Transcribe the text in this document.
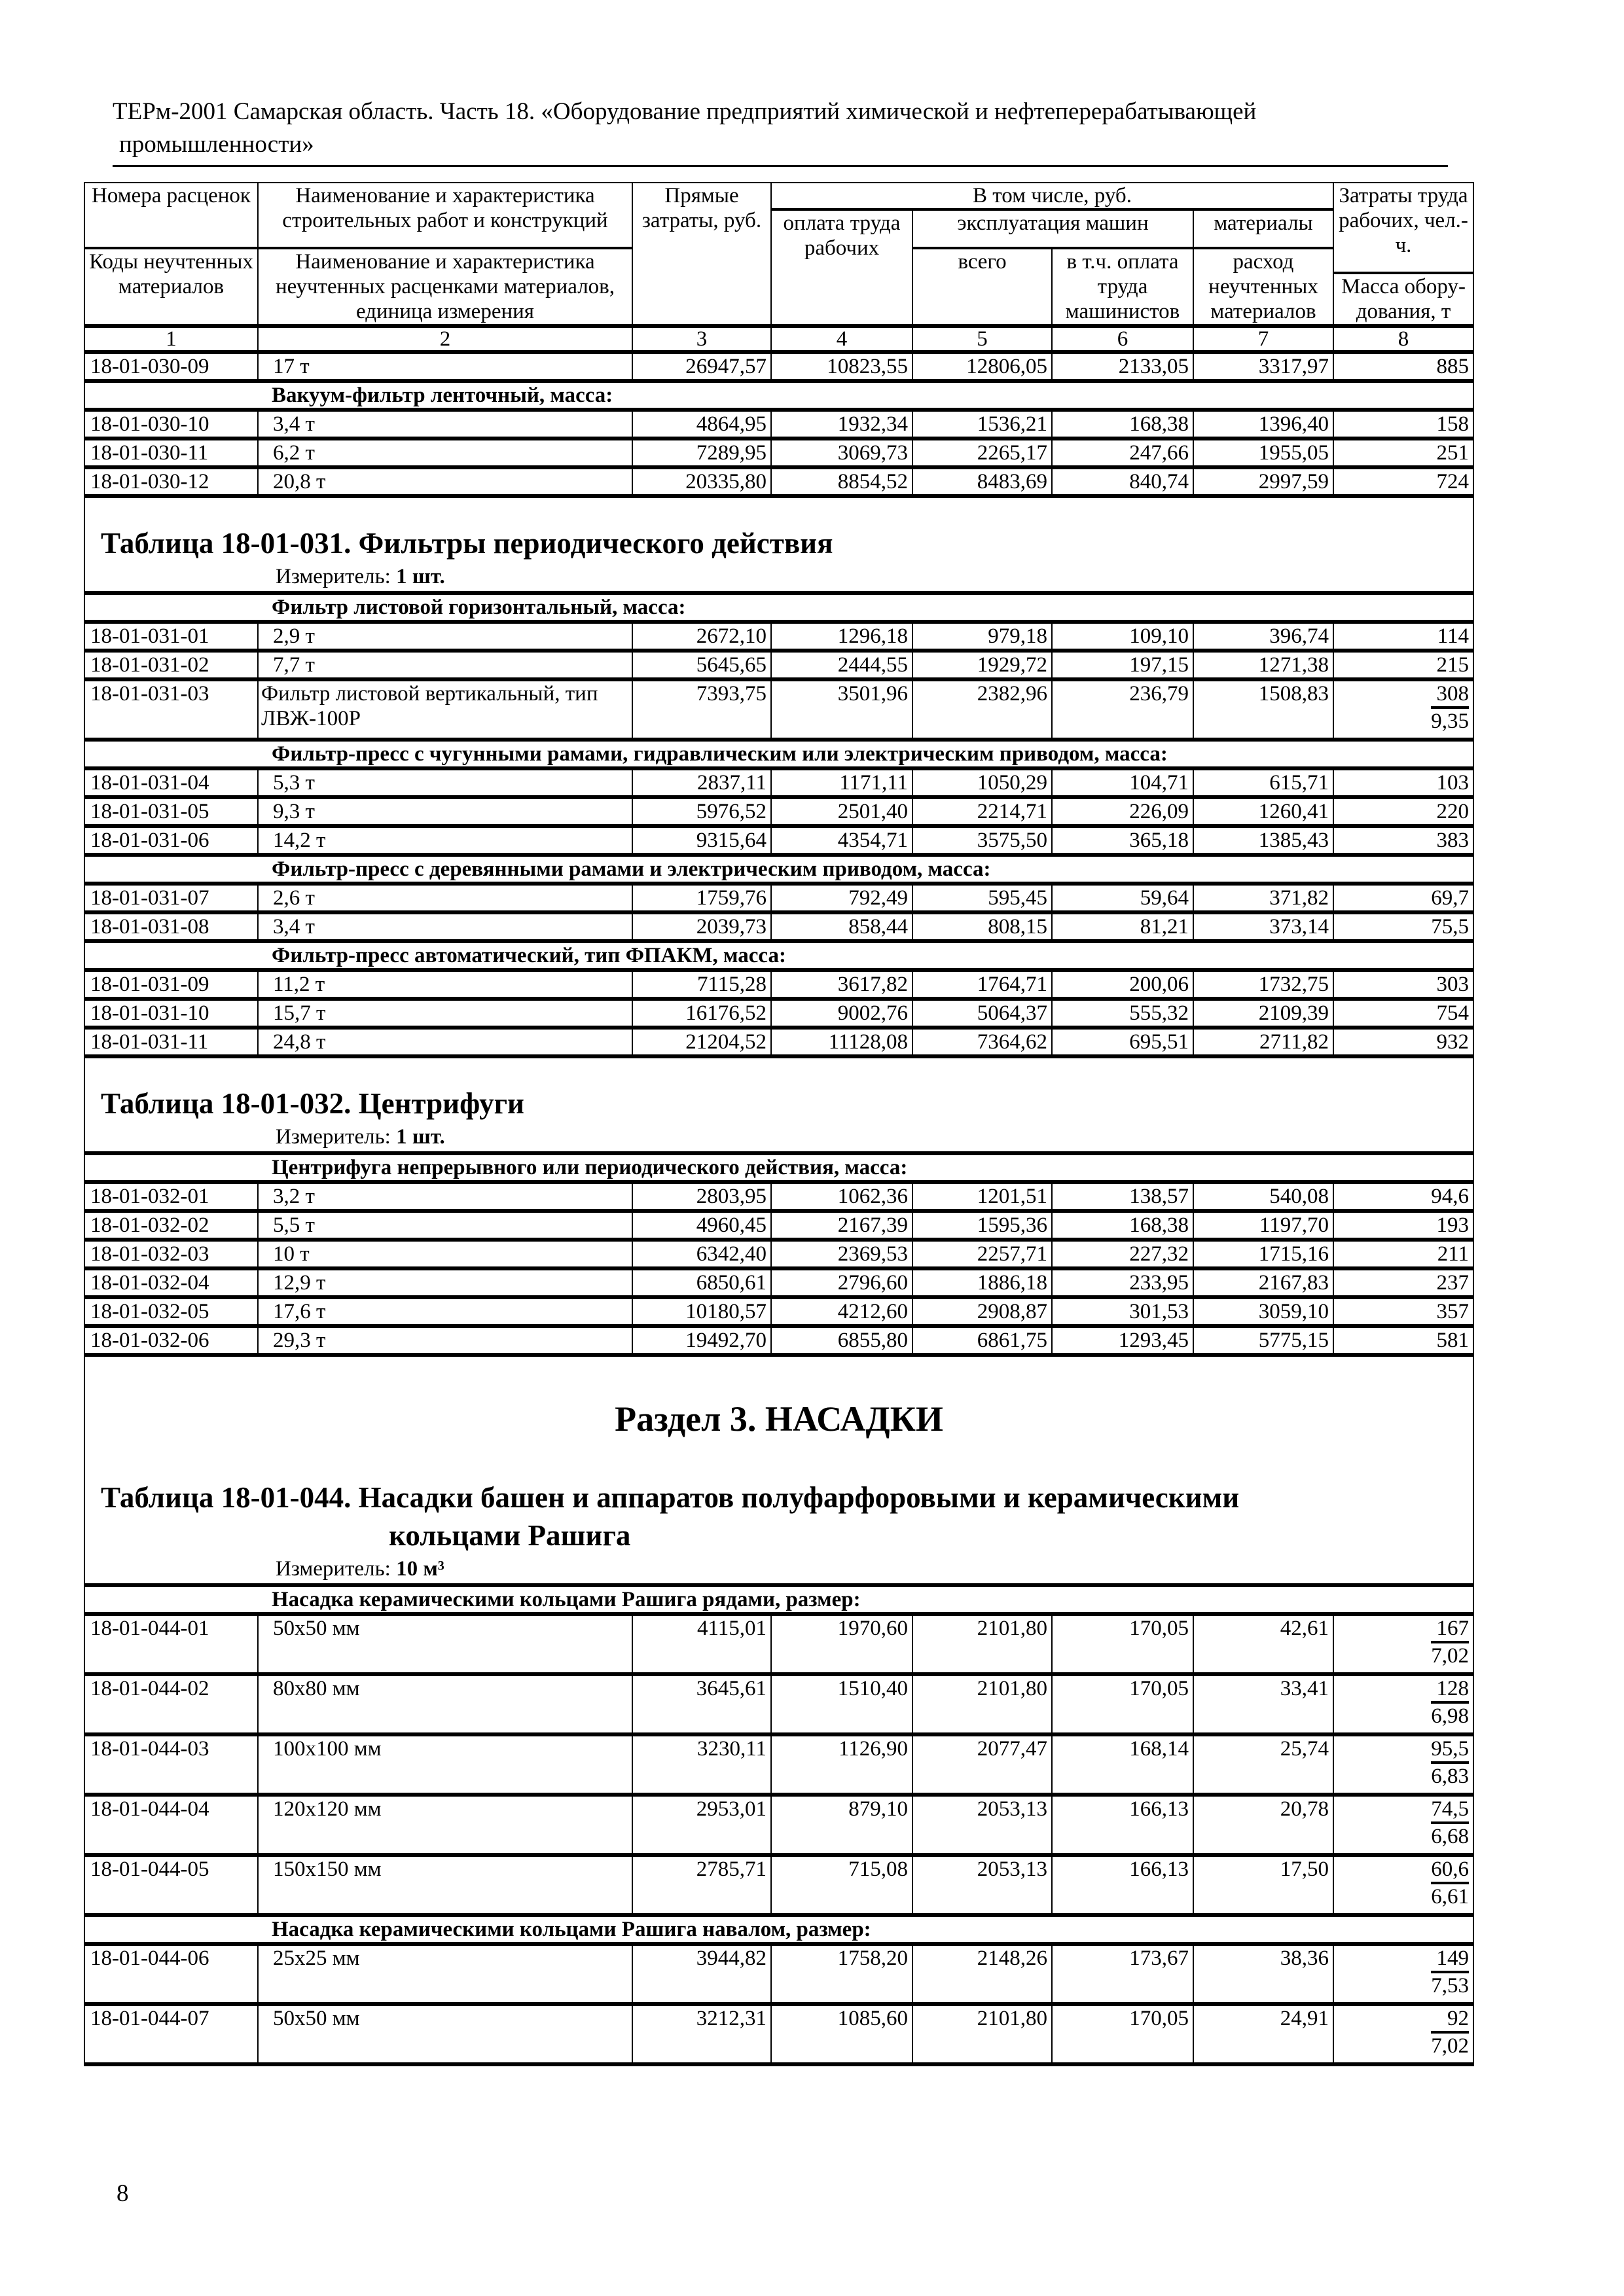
ТЕРм-2001 Самарская область. Часть 18. «Оборудование предприятий химической и нефтеперерабатывающей
промышленности»
Номера расценок	Наименование и характеристика строительных работ и конструкций	Прямые затраты, руб.	В том числе, руб.				Затраты труда рабочих, чел.-ч.
			оплата труда рабочих	эксплуатация машин		материалы	
Коды неучтенных материалов	Наименование и характеристика неучтенных расценками материалов, единица измерения			всего	в т.ч. оплата труда машинистов	расход неучтенных материалов	
							Масса обору-дования, т
1	2	3	4	5	6	7	8
18-01-030-09	17 т	26947,57	10823,55	12806,05	2133,05	3317,97	885
Вакуум-фильтр ленточный, масса:							
18-01-030-10	3,4 т	4864,95	1932,34	1536,21	168,38	1396,40	158
18-01-030-11	6,2 т	7289,95	3069,73	2265,17	247,66	1955,05	251
18-01-030-12	20,8 т	20335,80	8854,52	8483,69	840,74	2997,59	724

Таблица 18-01-031. Фильтры периодического действия
Измеритель: 1 шт.							

Фильтр листовой горизонтальный, масса:							
18-01-031-01	2,9 т	2672,10	1296,18	979,18	109,10	396,74	114
18-01-031-02	7,7 т	5645,65	2444,55	1929,72	197,15	1271,38	215
18-01-031-03	Фильтр листовой вертикальный, тип ЛВЖ-100Р	7393,75	3501,96	2382,96	236,79	1508,83	$\frac{308}{9,35}$
Фильтр-пресс с чугунными рамами, гидравлическим или электрическим приводом, масса:							
18-01-031-04	5,3 т	2837,11	1171,11	1050,29	104,71	615,71	103
18-01-031-05	9,3 т	5976,52	2501,40	2214,71	226,09	1260,41	220
18-01-031-06	14,2 т	9315,64	4354,71	3575,50	365,18	1385,43	383
Фильтр-пресс с деревянными рамами и электрическим приводом, масса:							
18-01-031-07	2,6 т	1759,76	792,49	595,45	59,64	371,82	69,7
18-01-031-08	3,4 т	2039,73	858,44	808,15	81,21	373,14	75,5
Фильтр-пресс автоматический, тип ФПАКМ, масса:							
18-01-031-09	11,2 т	7115,28	3617,82	1764,71	200,06	1732,75	303
18-01-031-10	15,7 т	16176,52	9002,76	5064,37	555,32	2109,39	754
18-01-031-11	24,8 т	21204,52	11128,08	7364,62	695,51	2711,82	932

Таблица 18-01-032. Центрифуги
Измеритель: 1 шт.							

Центрифуга непрерывного или периодического действия, масса:							
18-01-032-01	3,2 т	2803,95	1062,36	1201,51	138,57	540,08	94,6
18-01-032-02	5,5 т	4960,45	2167,39	1595,36	168,38	1197,70	193
18-01-032-03	10 т	6342,40	2369,53	2257,71	227,32	1715,16	211
18-01-032-04	12,9 т	6850,61	2796,60	1886,18	233,95	2167,83	237
18-01-032-05	17,6 т	10180,57	4212,60	2908,87	301,53	3059,10	357
18-01-032-06	29,3 т	19492,70	6855,80	6861,75	1293,45	5775,15	581

Раздел 3. НАСАДКИ
Таблица 18-01-044. Насадки башен и аппаратов полуфарфоровыми и керамическими
кольцами Рашига
Измеритель: 10 м³							

Насадка керамическими кольцами Рашига рядами, размер:							
18-01-044-01	50x50 мм	4115,01	1970,60	2101,80	170,05	42,61	$\frac{167}{7,02}$
18-01-044-02	80x80 мм	3645,61	1510,40	2101,80	170,05	33,41	$\frac{128}{6,98}$
18-01-044-03	100x100 мм	3230,11	1126,90	2077,47	168,14	25,74	$\frac{95,5}{6,83}$
18-01-044-04	120x120 мм	2953,01	879,10	2053,13	166,13	20,78	$\frac{74,5}{6,68}$
18-01-044-05	150x150 мм	2785,71	715,08	2053,13	166,13	17,50	$\frac{60,6}{6,61}$
Насадка керамическими кольцами Рашига навалом, размер:							
18-01-044-06	25x25 мм	3944,82	1758,20	2148,26	173,67	38,36	$\frac{149}{7,53}$
18-01-044-07	50x50 мм	3212,31	1085,60	2101,80	170,05	24,91	$\frac{92}{7,02}$

8
